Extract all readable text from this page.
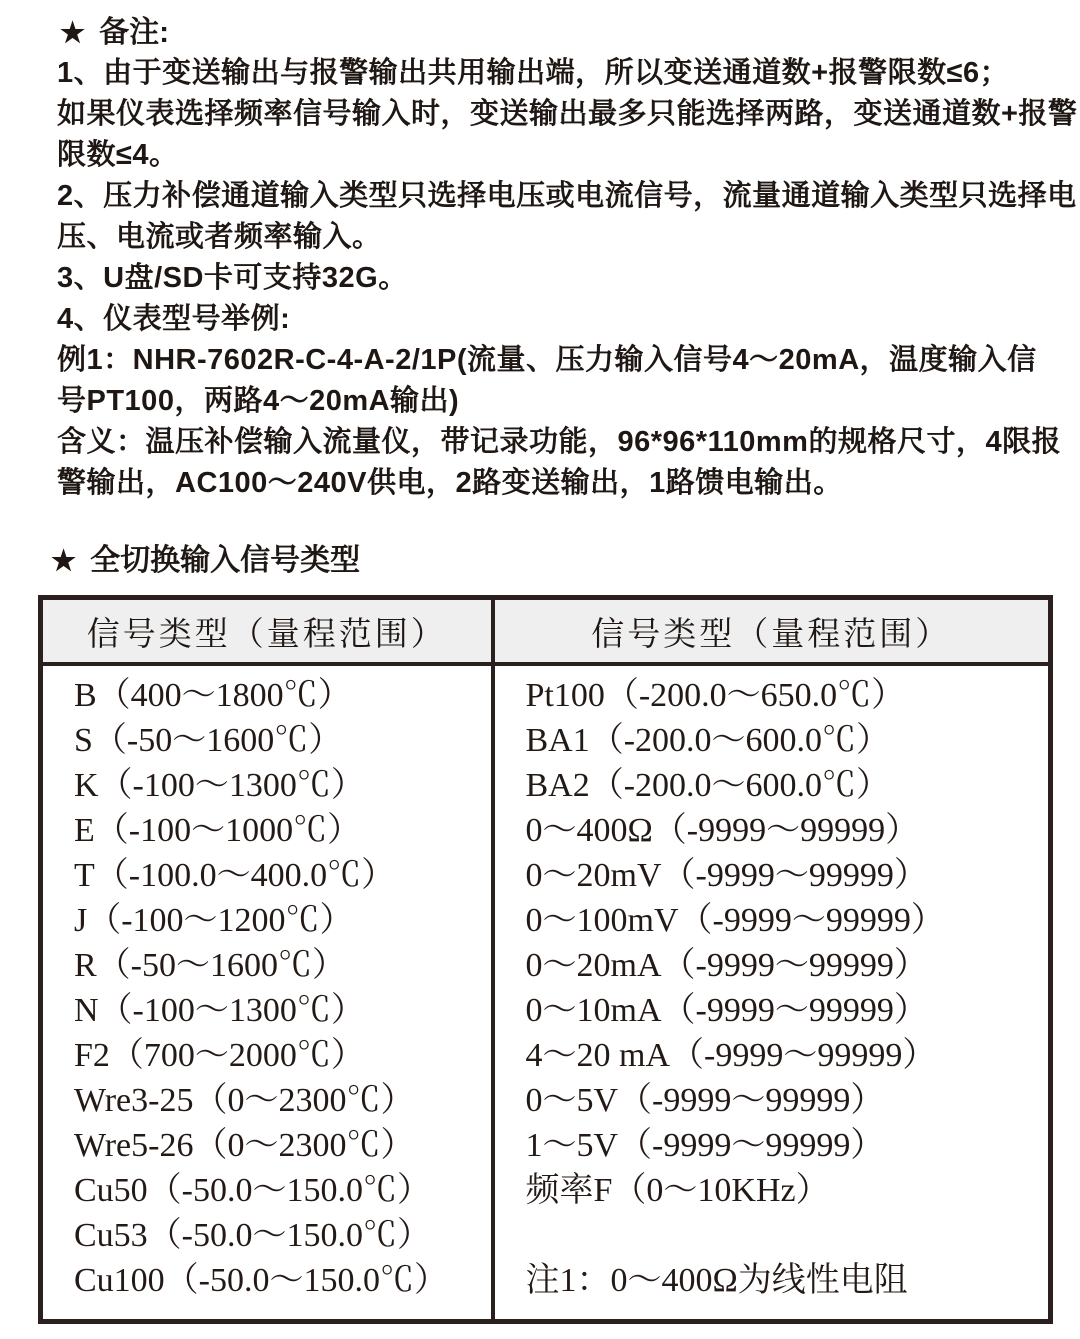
★ 备注:
1、由于变送输出与报警输出共用输出端，所以变送通道数+报警限数≤6；
如果仪表选择频率信号输入时，变送输出最多只能选择两路，变送通道数+报警
限数≤4。
2、压力补偿通道输入类型只选择电压或电流信号，流量通道输入类型只选择电
压、电流或者频率输入。
3、U盘/SD卡可支持32G。
4、仪表型号举例:
例1：NHR-7602R-C-4-A-2/1P(流量、压力输入信号4～20mA，温度输入信
号PT100，两路4～20mA输出)
含义：温压补偿输入流量仪，带记录功能，96*96*110mm的规格尺寸，4限报
警输出，AC100～240V供电，2路变送输出，1路馈电输出。
★ 全切换输入信号类型
信号类型（量程范围）	信号类型（量程范围）
B（400～1800℃）	Pt100（-200.0～650.0℃）
S（-50～1600℃）	BA1（-200.0～600.0℃）
K（-100～1300℃）	BA2（-200.0～600.0℃）
E（-100～1000℃）	0～400Ω（-9999～99999）
T（-100.0～400.0℃）	0～20mV（-9999～99999）
J（-100～1200℃）	0～100mV（-9999～99999）
R（-50～1600℃）	0～20mA（-9999～99999）
N（-100～1300℃）	0～10mA（-9999～99999）
F2（700～2000℃）	4～20 mA（-9999～99999）
Wre3-25（0～2300℃）	0～5V（-9999～99999）
Wre5-26（0～2300℃）	1～5V（-9999～99999）
Cu50（-50.0～150.0℃）	频率F（0～10KHz）
Cu53（-50.0～150.0℃）	
Cu100（-50.0～150.0℃）	注1：0～400Ω为线性电阻
